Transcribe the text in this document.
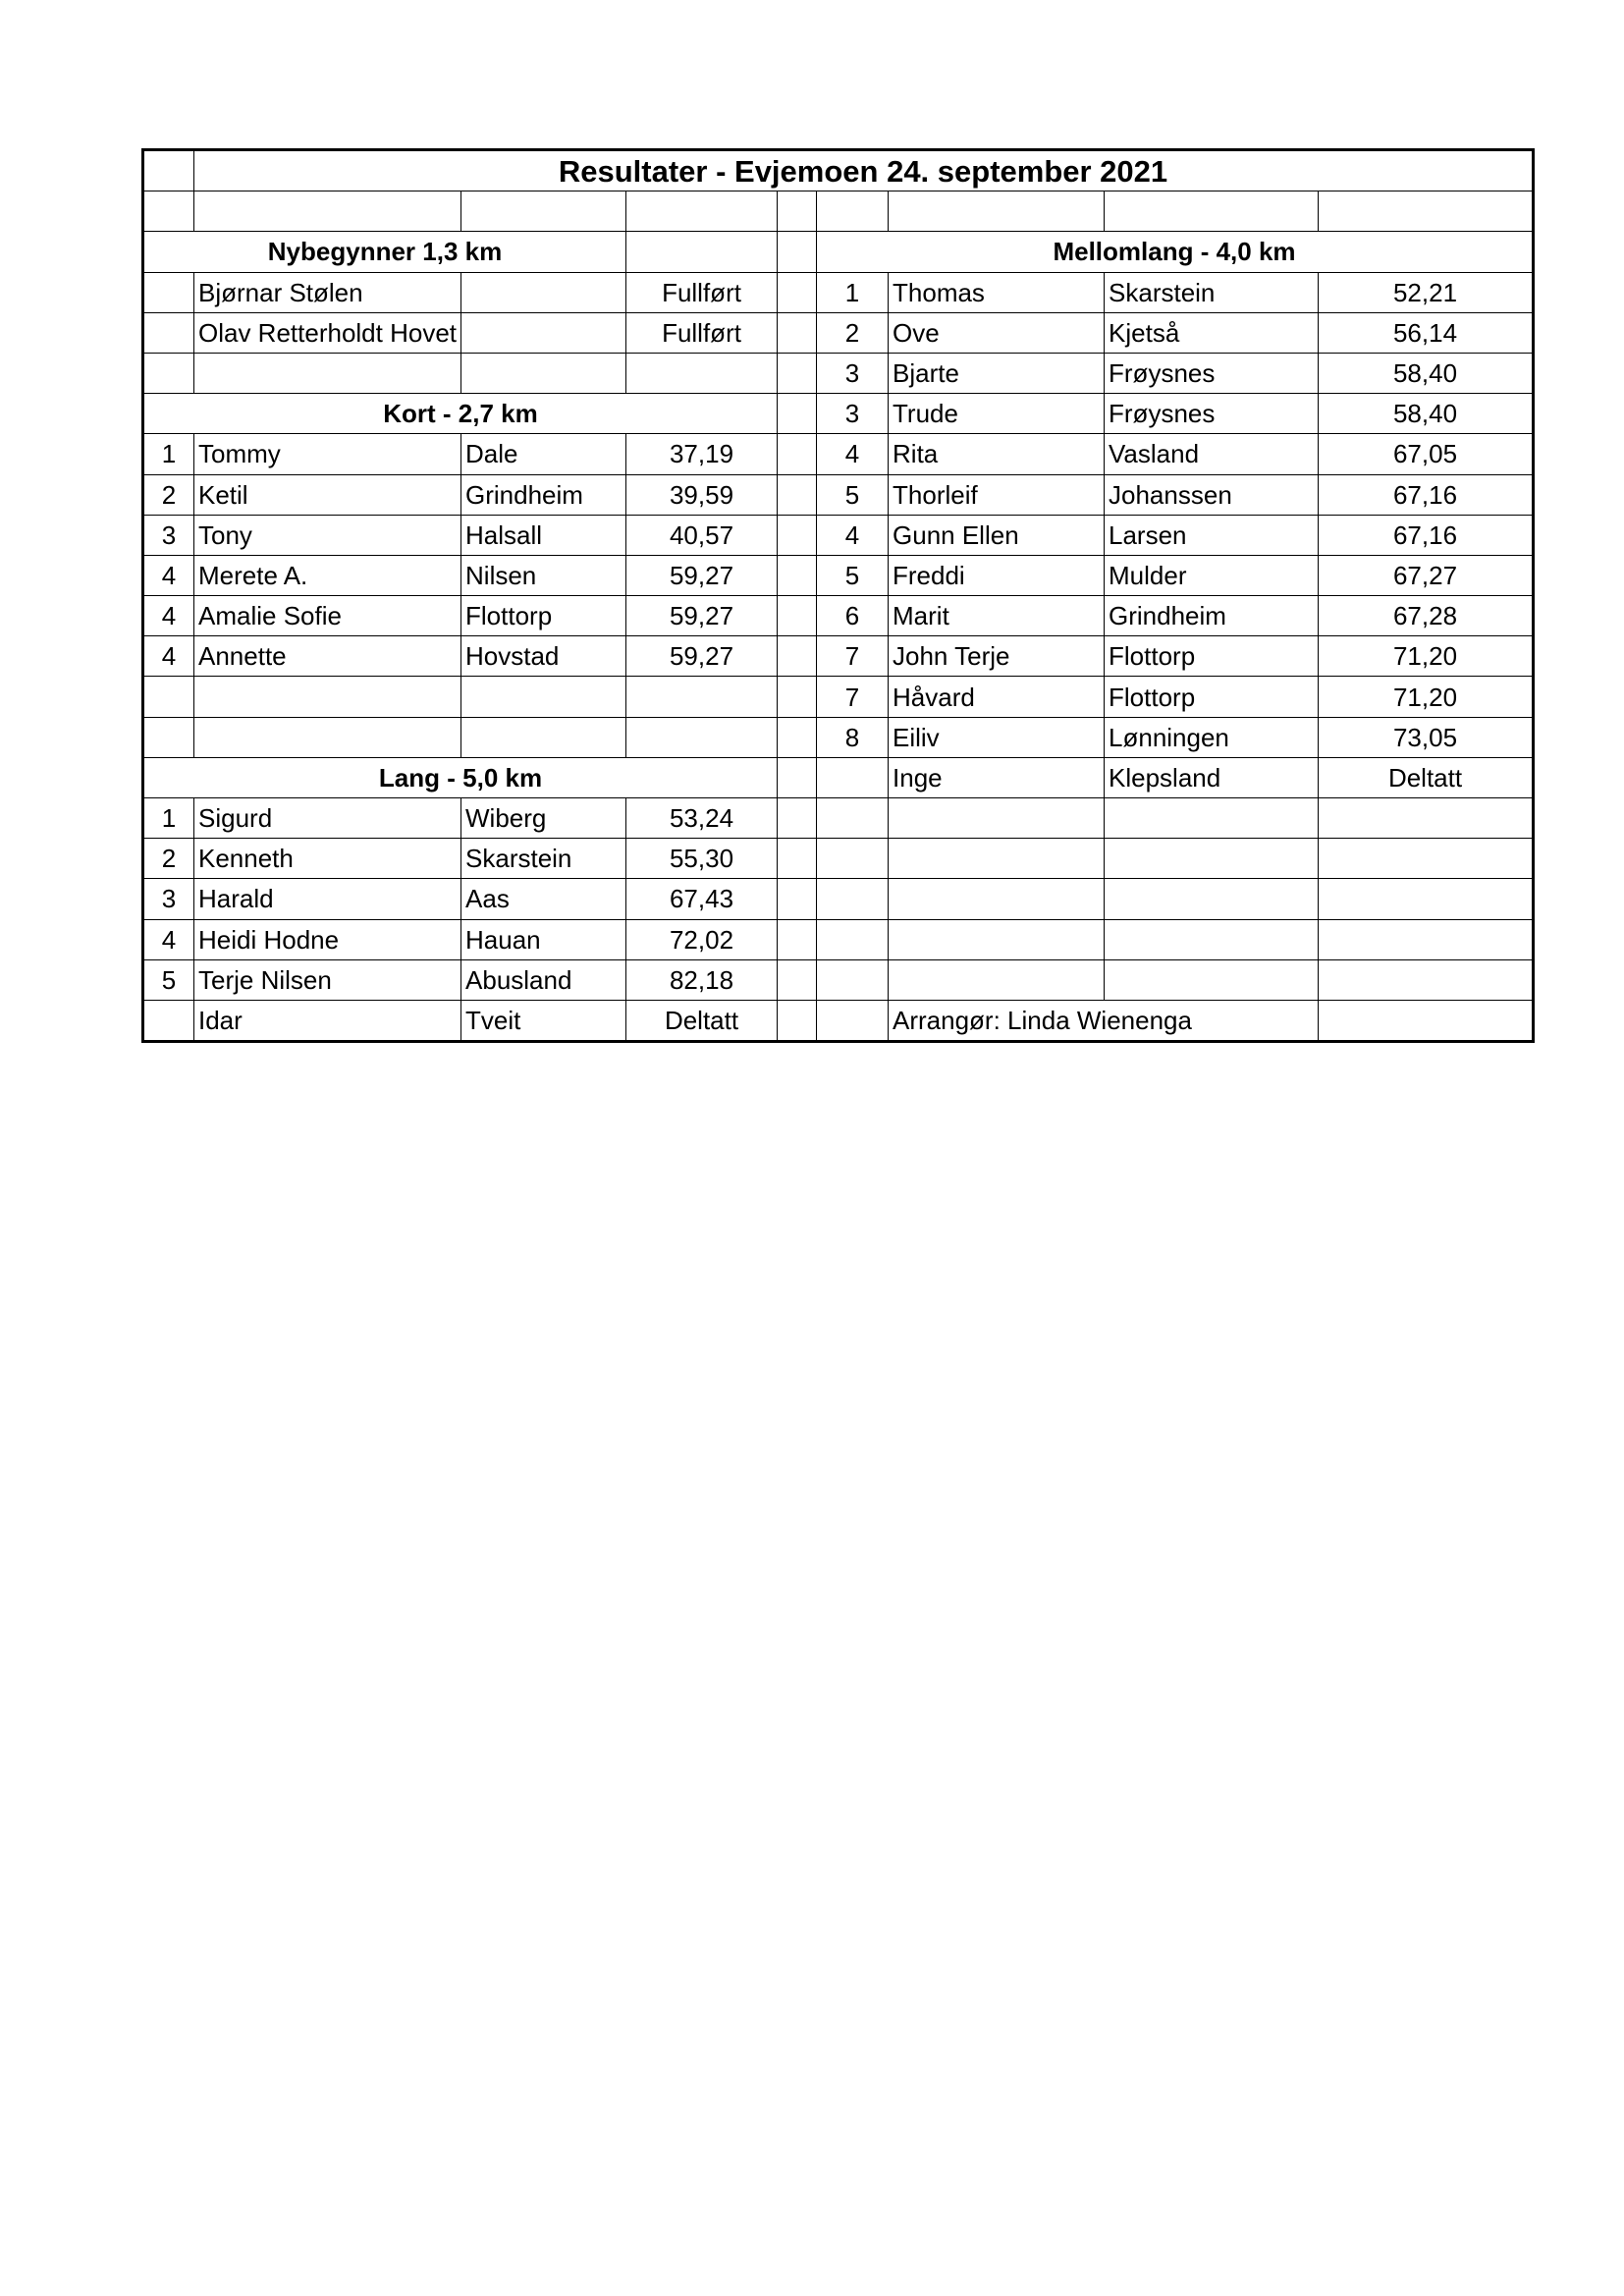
	Resultater - Evjemoen 24. september 2021							

Nybegynner 1,3 km					Mellomlang - 4,0 km			
	Bjørnar Stølen		Fullført		1	Thomas	Skarstein	52,21
	Olav Retterholdt Hovet		Fullført		2	Ove	Kjetså	56,14
					3	Bjarte	Frøysnes	58,40
Kort - 2,7 km					3	Trude	Frøysnes	58,40
1	Tommy	Dale	37,19		4	Rita	Vasland	67,05
2	Ketil	Grindheim	39,59		5	Thorleif	Johanssen	67,16
3	Tony	Halsall	40,57		4	Gunn Ellen	Larsen	67,16
4	Merete A.	Nilsen	59,27		5	Freddi	Mulder	67,27
4	Amalie Sofie	Flottorp	59,27		6	Marit	Grindheim	67,28
4	Annette	Hovstad	59,27		7	John Terje	Flottorp	71,20
					7	Håvard	Flottorp	71,20
					8	Eiliv	Lønningen	73,05
Lang - 5,0 km						Inge	Klepsland	Deltatt
1	Sigurd	Wiberg	53,24					
2	Kenneth	Skarstein	55,30					
3	Harald	Aas	67,43					
4	Heidi Hodne	Hauan	72,02					
5	Terje Nilsen	Abusland	82,18					
	Idar	Tveit	Deltatt			Arrangør: Linda Wienenga		
